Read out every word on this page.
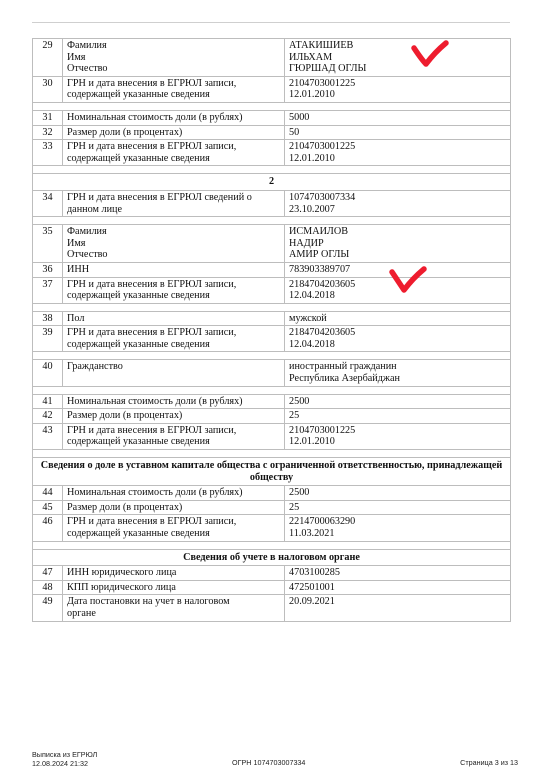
29	Фамилия
Имя
Отчество	АТАКИШИЕВ
ИЛЬХАМ
ГЮРШАД ОГЛЫ

30	ГРН и дата внесения в ЕГРЮЛ записи,
содержащей указанные сведения	2104703001225
12.01.2010

31	Номинальная стоимость доли (в рублях)	5000

32	Размер доли (в процентах)	50

33	ГРН и дата внесения в ЕГРЮЛ записи,
содержащей указанные сведения	2104703001225
12.01.2010

2		
34	ГРН и дата внесения в ЕГРЮЛ сведений о
данном лице	1074703007334
23.10.2007

35	Фамилия
Имя
Отчество	ИСМАИЛОВ
НАДИР
АМИР ОГЛЫ

36	ИНН	783903389707

37	ГРН и дата внесения в ЕГРЮЛ записи,
содержащей указанные сведения	2184704203605
12.04.2018

38	Пол	мужской

39	ГРН и дата внесения в ЕГРЮЛ записи,
содержащей указанные сведения	2184704203605
12.04.2018

40	Гражданство	иностранный гражданин
Республика Азербайджан

41	Номинальная стоимость доли (в рублях)	2500

42	Размер доли (в процентах)	25

43	ГРН и дата внесения в ЕГРЮЛ записи,
содержащей указанные сведения	2104703001225
12.01.2010

Сведения о доле в уставном капитале общества с ограниченной ответственностью, принадлежащей обществу		
44	Номинальная стоимость доли (в рублях)	2500

45	Размер доли (в процентах)	25

46	ГРН и дата внесения в ЕГРЮЛ записи,
содержащей указанные сведения	2214700063290
11.03.2021

Сведения об учете в налоговом органе		
47	ИНН юридического лица	4703100285

48	КПП юридического лица	472501001

49	Дата постановки на учет в налоговом
органе	20.09.2021
Выписка из ЕГРЮЛ
12.08.2024 21:32	ОГРН 1074703007334	Страница 3 из 13
